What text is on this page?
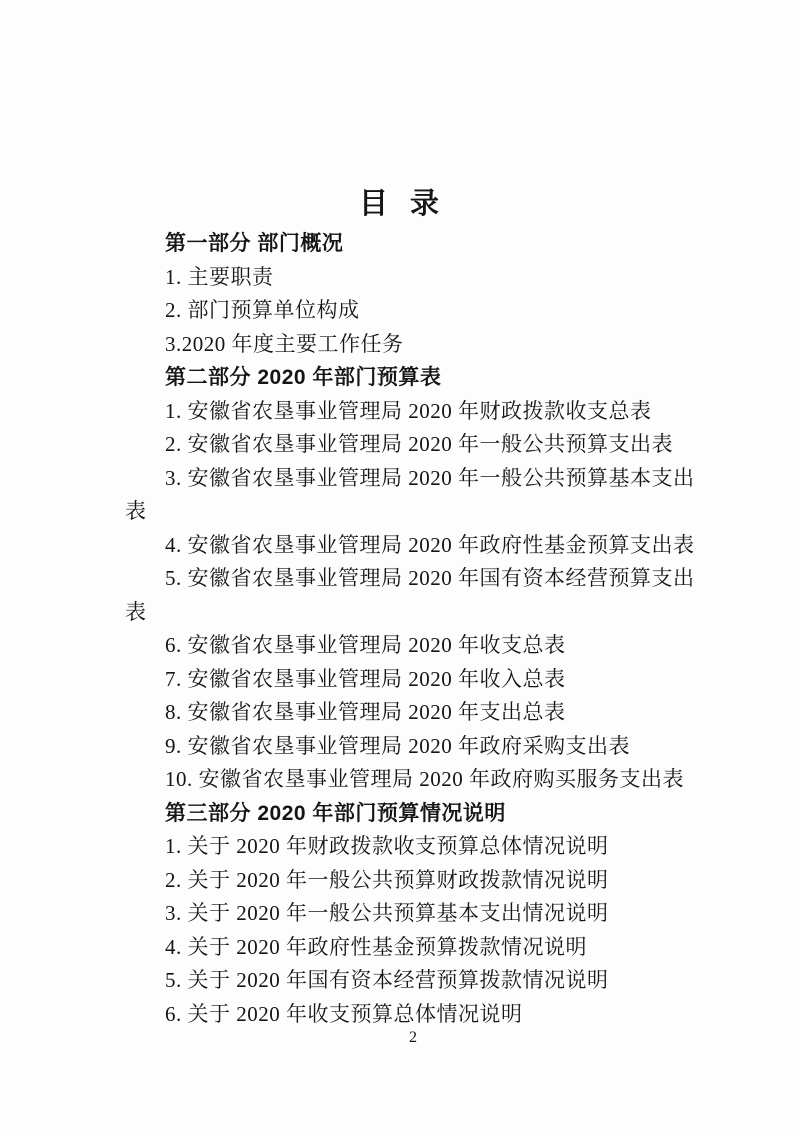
目  录

第一部分 部门概况

1. 主要职责

2. 部门预算单位构成

3.2020 年度主要工作任务

第二部分 2020 年部门预算表

1. 安徽省农垦事业管理局 2020 年财政拨款收支总表

2. 安徽省农垦事业管理局 2020 年一般公共预算支出表

3. 安徽省农垦事业管理局 2020 年一般公共预算基本支出
表

4. 安徽省农垦事业管理局 2020 年政府性基金预算支出表

5. 安徽省农垦事业管理局 2020 年国有资本经营预算支出
表

6. 安徽省农垦事业管理局 2020 年收支总表

7. 安徽省农垦事业管理局 2020 年收入总表

8. 安徽省农垦事业管理局 2020 年支出总表

9. 安徽省农垦事业管理局 2020 年政府采购支出表

10. 安徽省农垦事业管理局 2020 年政府购买服务支出表

第三部分 2020 年部门预算情况说明

1. 关于 2020 年财政拨款收支预算总体情况说明

2. 关于 2020 年一般公共预算财政拨款情况说明

3. 关于 2020 年一般公共预算基本支出情况说明

4. 关于 2020 年政府性基金预算拨款情况说明

5. 关于 2020 年国有资本经营预算拨款情况说明

6. 关于 2020 年收支预算总体情况说明

2
